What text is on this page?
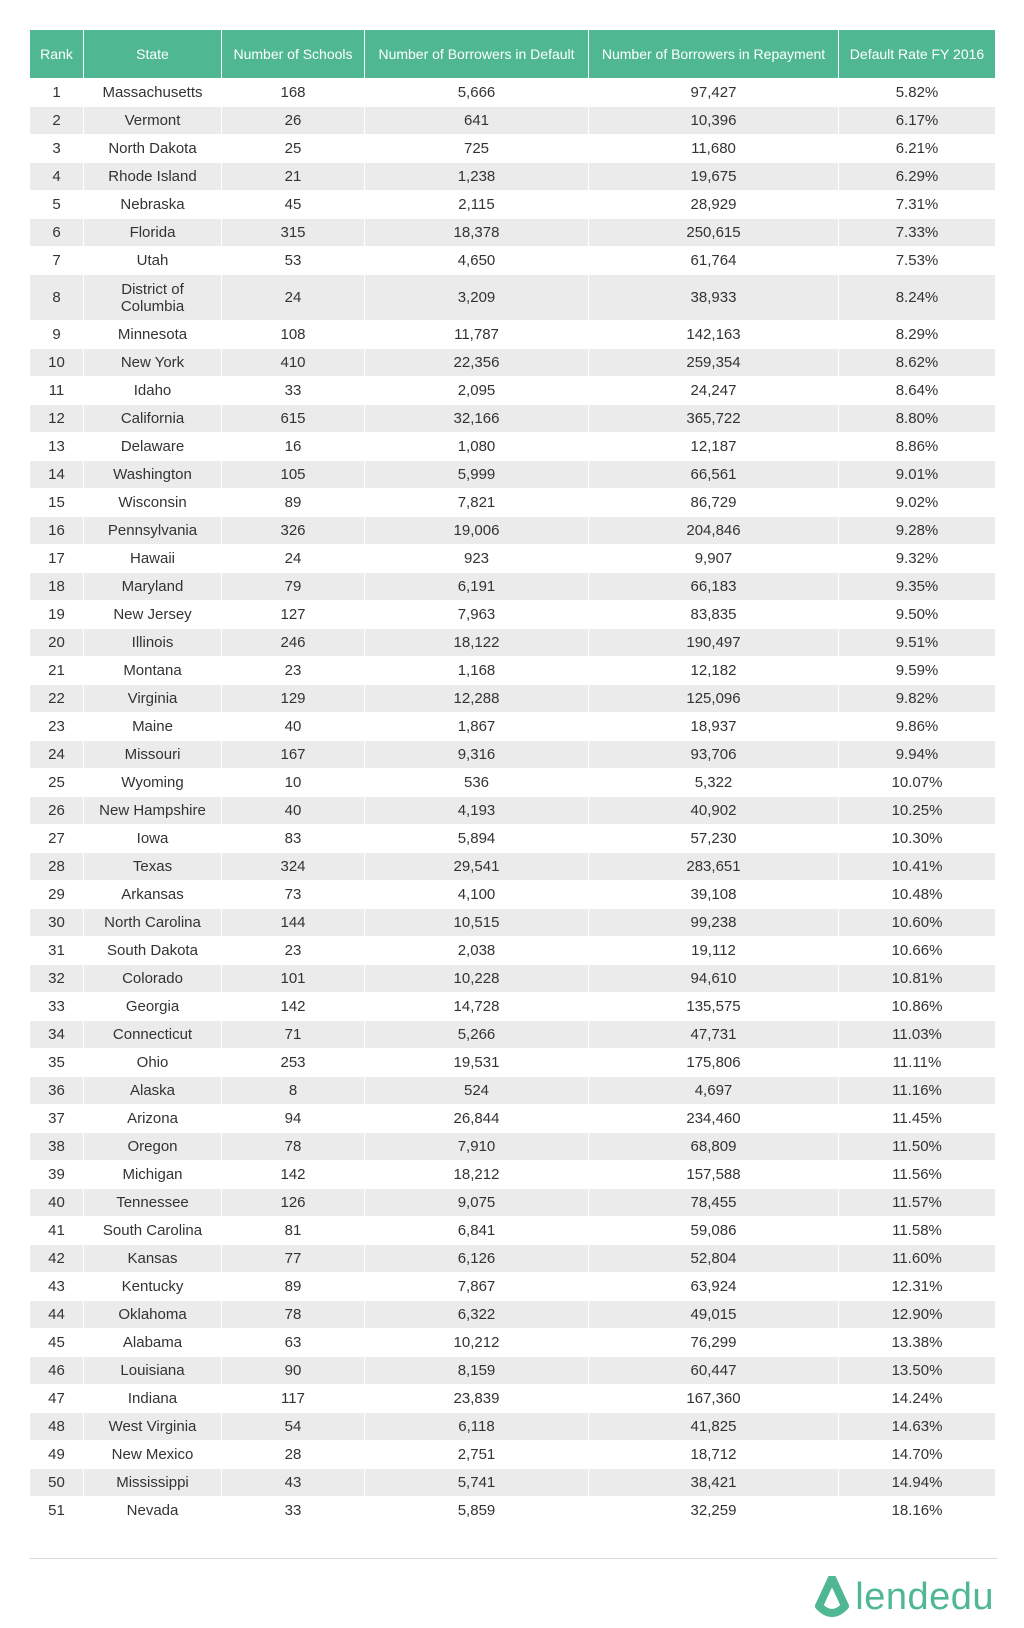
Rank	State	Number of Schools	Number of Borrowers in Default	Number of Borrowers in Repayment	Default Rate FY 2016
1	Massachusetts	168	5,666	97,427	5.82%
2	Vermont	26	641	10,396	6.17%
3	North Dakota	25	725	11,680	6.21%
4	Rhode Island	21	1,238	19,675	6.29%
5	Nebraska	45	2,115	28,929	7.31%
6	Florida	315	18,378	250,615	7.33%
7	Utah	53	4,650	61,764	7.53%
8	District of Columbia	24	3,209	38,933	8.24%
9	Minnesota	108	11,787	142,163	8.29%
10	New York	410	22,356	259,354	8.62%
11	Idaho	33	2,095	24,247	8.64%
12	California	615	32,166	365,722	8.80%
13	Delaware	16	1,080	12,187	8.86%
14	Washington	105	5,999	66,561	9.01%
15	Wisconsin	89	7,821	86,729	9.02%
16	Pennsylvania	326	19,006	204,846	9.28%
17	Hawaii	24	923	9,907	9.32%
18	Maryland	79	6,191	66,183	9.35%
19	New Jersey	127	7,963	83,835	9.50%
20	Illinois	246	18,122	190,497	9.51%
21	Montana	23	1,168	12,182	9.59%
22	Virginia	129	12,288	125,096	9.82%
23	Maine	40	1,867	18,937	9.86%
24	Missouri	167	9,316	93,706	9.94%
25	Wyoming	10	536	5,322	10.07%
26	New Hampshire	40	4,193	40,902	10.25%
27	Iowa	83	5,894	57,230	10.30%
28	Texas	324	29,541	283,651	10.41%
29	Arkansas	73	4,100	39,108	10.48%
30	North Carolina	144	10,515	99,238	10.60%
31	South Dakota	23	2,038	19,112	10.66%
32	Colorado	101	10,228	94,610	10.81%
33	Georgia	142	14,728	135,575	10.86%
34	Connecticut	71	5,266	47,731	11.03%
35	Ohio	253	19,531	175,806	11.11%
36	Alaska	8	524	4,697	11.16%
37	Arizona	94	26,844	234,460	11.45%
38	Oregon	78	7,910	68,809	11.50%
39	Michigan	142	18,212	157,588	11.56%
40	Tennessee	126	9,075	78,455	11.57%
41	South Carolina	81	6,841	59,086	11.58%
42	Kansas	77	6,126	52,804	11.60%
43	Kentucky	89	7,867	63,924	12.31%
44	Oklahoma	78	6,322	49,015	12.90%
45	Alabama	63	10,212	76,299	13.38%
46	Louisiana	90	8,159	60,447	13.50%
47	Indiana	117	23,839	167,360	14.24%
48	West Virginia	54	6,118	41,825	14.63%
49	New Mexico	28	2,751	18,712	14.70%
50	Mississippi	43	5,741	38,421	14.94%
51	Nevada	33	5,859	32,259	18.16%
lendedu
